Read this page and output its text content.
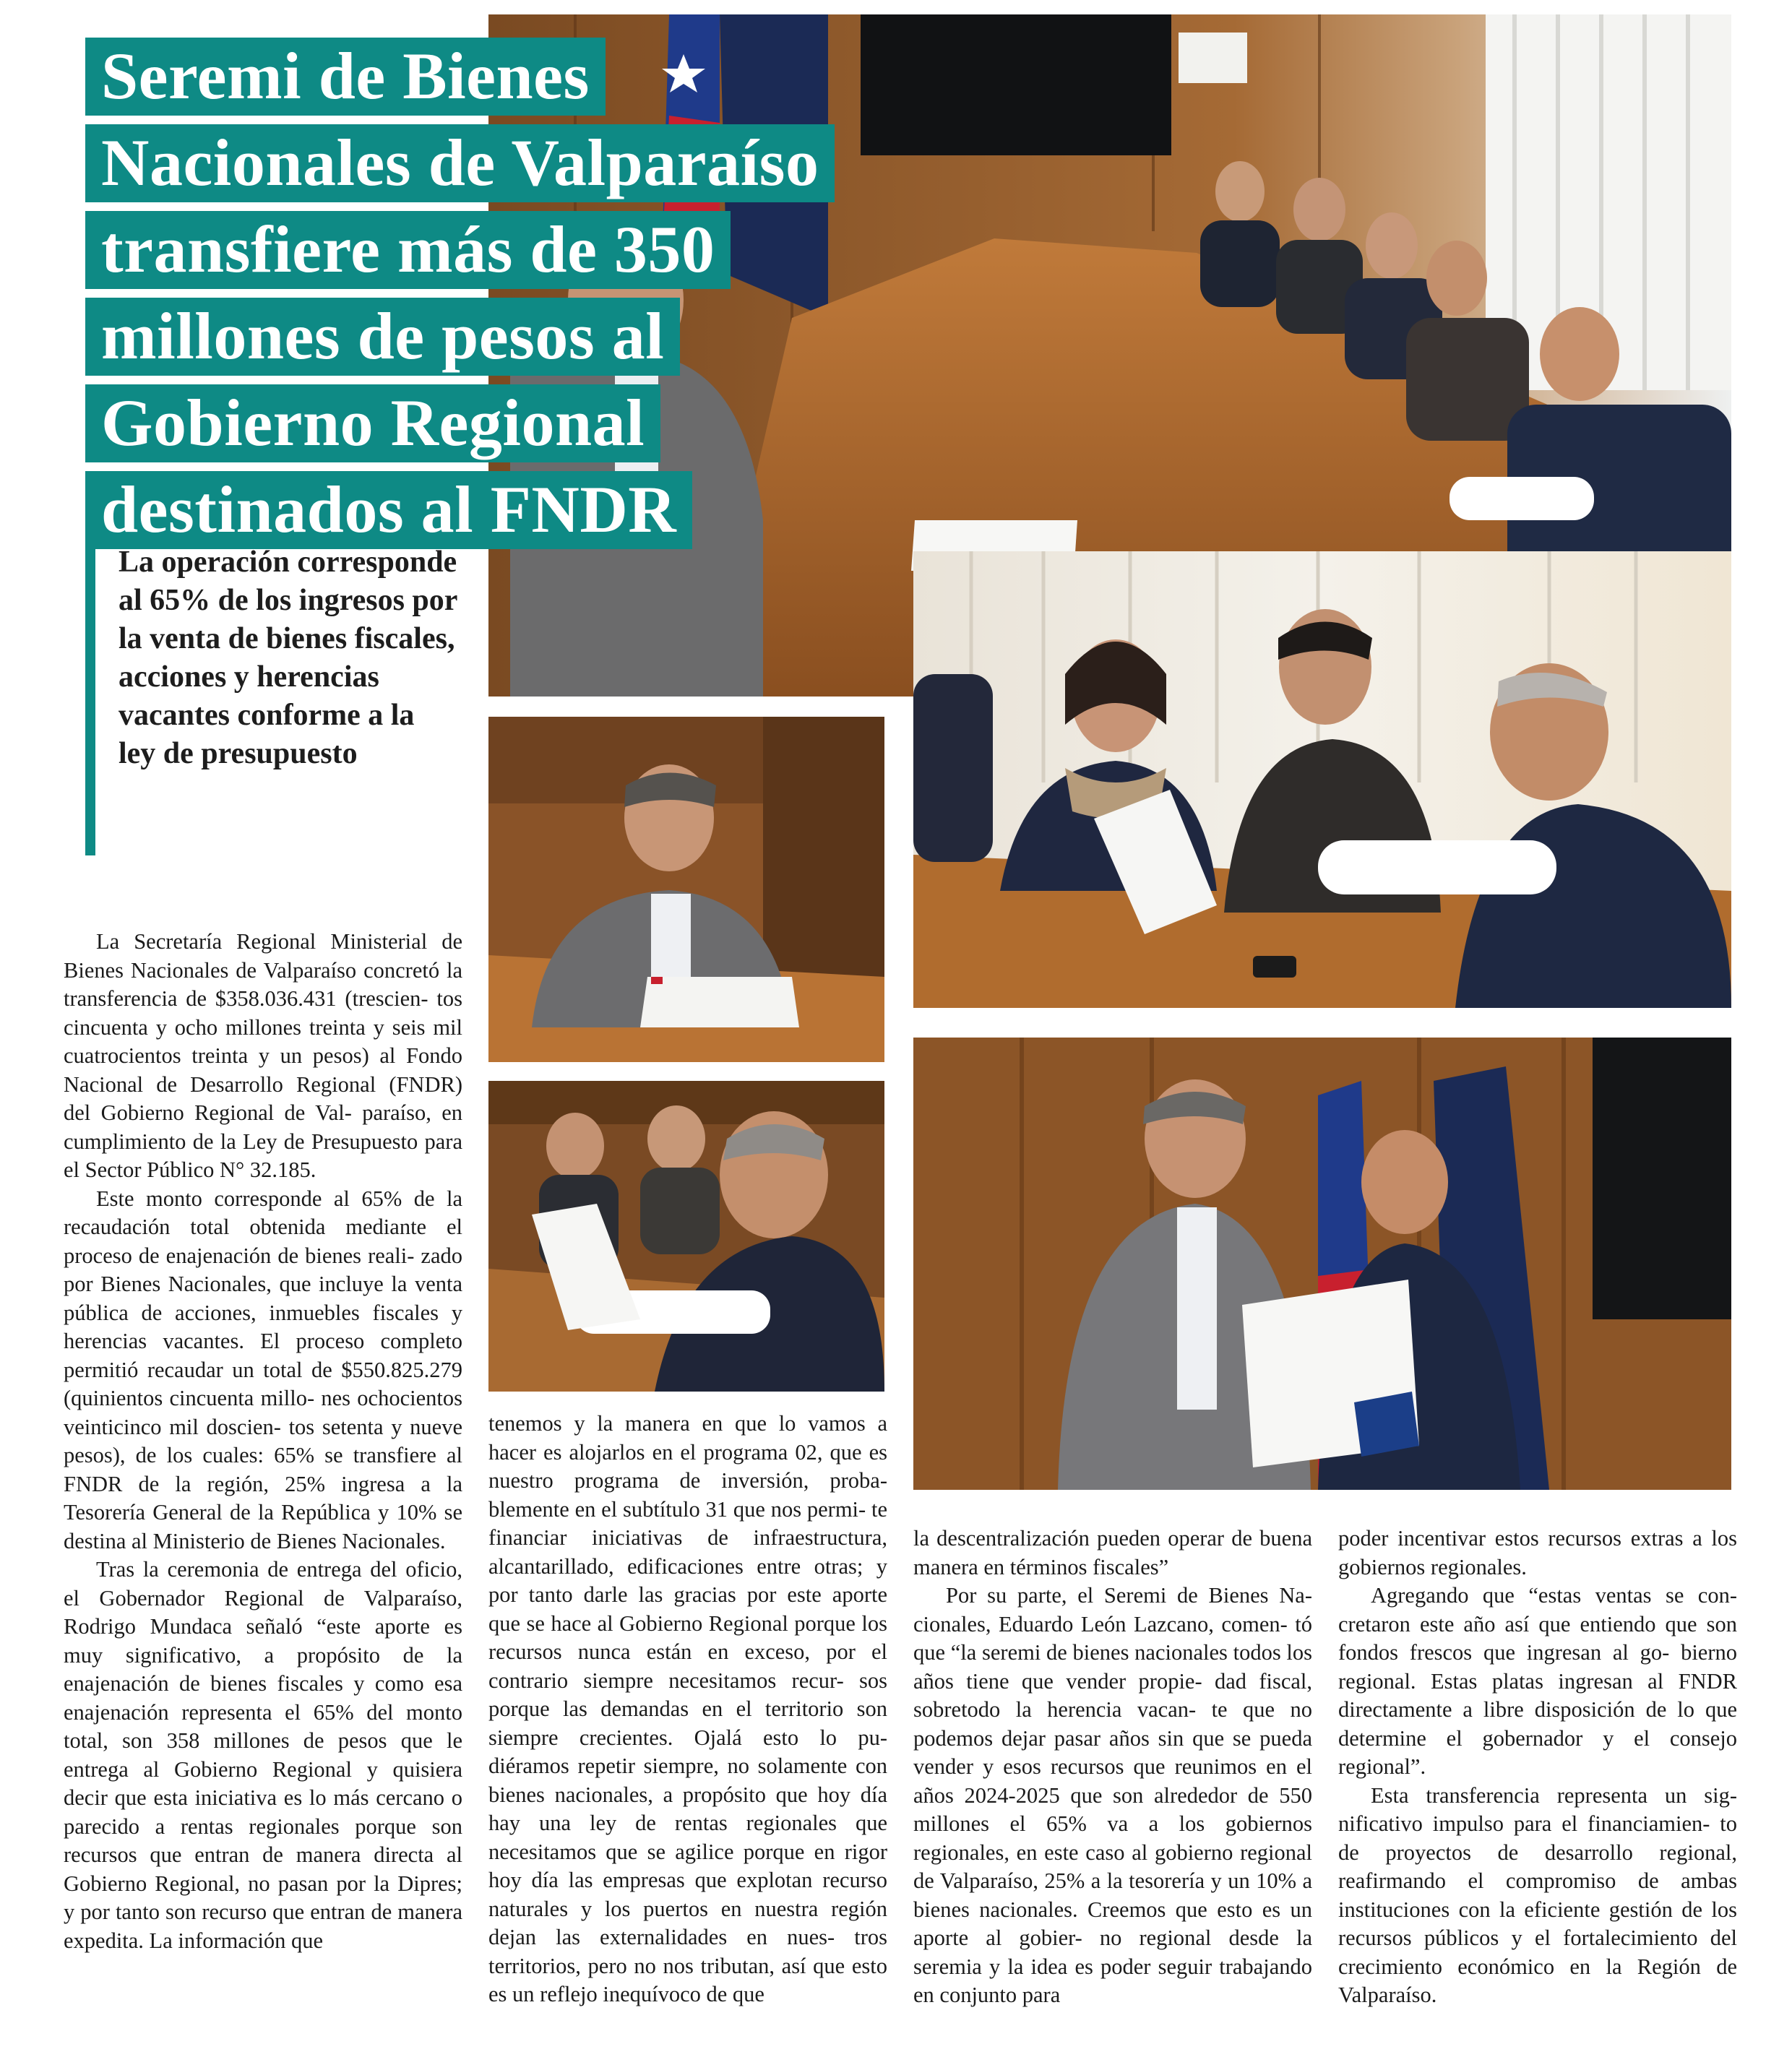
Seremi de Bienes
Nacionales de Valparaíso
transfiere más de 350
millones de pesos al
Gobierno Regional
destinados al FNDR
La operación corresponde al 65% de los ingresos por la venta de bienes fiscales, acciones y herencias vacantes conforme a la ley de presupuesto

La Secretaría Regional Ministerial de Bienes Nacionales de Valparaíso concretó la transferencia de $358.036.431 (trescien- tos cincuenta y ocho millones treinta y seis mil cuatrocientos treinta y un pesos) al Fondo Nacional de Desarrollo Regional (FNDR) del Gobierno Regional de Val- paraíso, en cumplimiento de la Ley de Presupuesto para el Sector Público N° 32.185.

Este monto corresponde al 65% de la recaudación total obtenida mediante el proceso de enajenación de bienes reali- zado por Bienes Nacionales, que incluye la venta pública de acciones, inmuebles fiscales y herencias vacantes. El proceso completo permitió recaudar un total de $550.825.279 (quinientos cincuenta millo- nes ochocientos veinticinco mil doscien- tos setenta y nueve pesos), de los cuales: 65% se transfiere al FNDR de la región, 25% ingresa a la Tesorería General de la República y 10% se destina al Ministerio de Bienes Nacionales.

Tras la ceremonia de entrega del oficio, el Gobernador Regional de Valparaíso, Rodrigo Mundaca señaló “este aporte es muy significativo, a propósito de la enajenación de bienes fiscales y como esa enajenación representa el 65% del monto total, son 358 millones de pesos que le entrega al Gobierno Regional y quisiera decir que esta iniciativa es lo más cercano o parecido a rentas regionales porque son recursos que entran de manera directa al Gobierno Regional, no pasan por la Dipres; y por tanto son recurso que entran de manera expedita. La información que

tenemos y la manera en que lo vamos a hacer es alojarlos en el programa 02, que es nuestro programa de inversión, proba- blemente en el subtítulo 31 que nos permi- te financiar iniciativas de infraestructura, alcantarillado, edificaciones entre otras; y por tanto darle las gracias por este aporte que se hace al Gobierno Regional porque los recursos nunca están en exceso, por el contrario siempre necesitamos recur- sos porque las demandas en el territorio son siempre crecientes. Ojalá esto lo pu- diéramos repetir siempre, no solamente con bienes nacionales, a propósito que hoy día hay una ley de rentas regionales que necesitamos que se agilice porque en rigor hoy día las empresas que explotan recurso naturales y los puertos en nuestra región dejan las externalidades en nues- tros territorios, pero no nos tributan, así que esto es un reflejo inequívoco de que

la descentralización pueden operar de buena manera en términos fiscales”

Por su parte, el Seremi de Bienes Na- cionales, Eduardo León Lazcano, comen- tó que “la seremi de bienes nacionales todos los años tiene que vender propie- dad fiscal, sobretodo la herencia vacan- te que no podemos dejar pasar años sin que se pueda vender y esos recursos que reunimos en el años 2024-2025 que son alrededor de 550 millones el 65% va a los gobiernos regionales, en este caso al gobierno regional de Valparaíso, 25% a la tesorería y un 10% a bienes nacionales. Creemos que esto es un aporte al gobier- no regional desde la seremia y la idea es poder seguir trabajando en conjunto para

poder incentivar estos recursos extras a los gobiernos regionales.

Agregando que “estas ventas se con- cretaron este año así que entiendo que son fondos frescos que ingresan al go- bierno regional. Estas platas ingresan al FNDR directamente a libre disposición de lo que determine el gobernador y el consejo regional”.

Esta transferencia representa un sig- nificativo impulso para el financiamien- to de proyectos de desarrollo regional, reafirmando el compromiso de ambas instituciones con la eficiente gestión de los recursos públicos y el fortalecimiento del crecimiento económico en la Región de Valparaíso.
